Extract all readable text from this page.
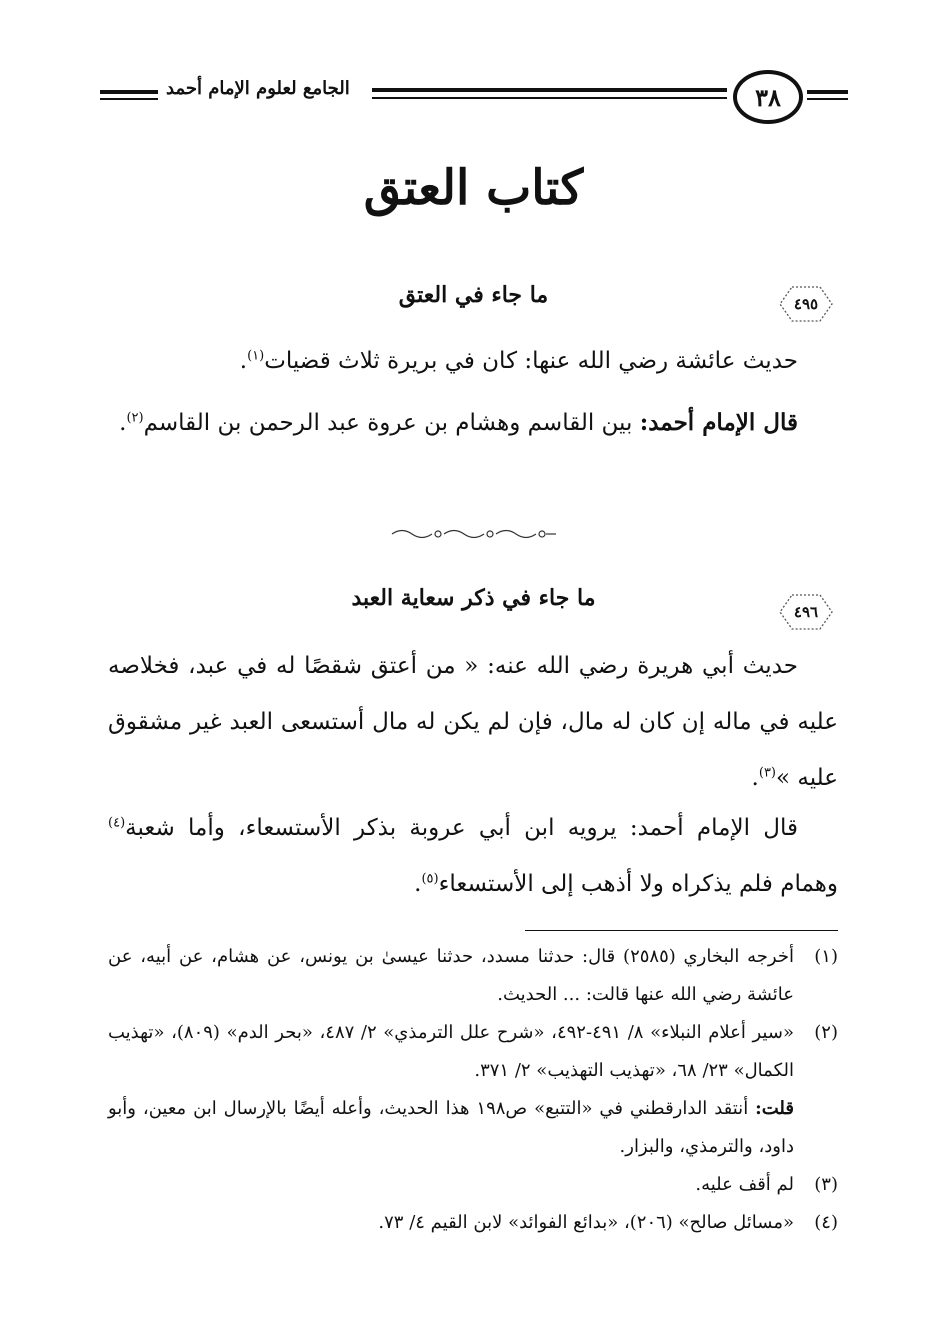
الجامع لعلوم الإمام أحمد	٣٨
كتاب العتق
٤٩٥
ما جاء في العتق
حديث عائشة رضي الله عنها: كان في بريرة ثلاث قضيات$^{(١)}$.
قال الإمام أحمد: بين القاسم وهشام بن عروة عبد الرحمن بن القاسم$^{(٢)}$.
٤٩٦
ما جاء في ذكر سعاية العبد
حديث أبي هريرة رضي الله عنه: « من أعتق شقصًا له في عبد، فخلاصه عليه في ماله إن كان له مال، فإن لم يكن له مال أستسعى العبد غير مشقوق عليه »$^{(٣)}$.
قال الإمام أحمد: يرويه ابن أبي عروبة بذكر الأستسعاء، وأما شعبة$^{(٤)}$ وهمام فلم يذكراه ولا أذهب إلى الأستسعاء$^{(٥)}$.
(١)
أخرجه البخاري (٢٥٨٥) قال: حدثنا مسدد، حدثنا عيسىٰ بن يونس، عن هشام، عن أبيه، عن عائشة رضي الله عنها قالت: ... الحديث.
(٢)
«سير أعلام النبلاء» ٨/ ٤٩١-٤٩٢، «شرح علل الترمذي» ٢/ ٤٨٧، «بحر الدم» (٨٠٩)، «تهذيب الكمال» ٢٣/ ٦٨، «تهذيب التهذيب» ٢/ ٣٧١.
قلت: أنتقد الدارقطني في «التتبع» ص١٩٨ هذا الحديث، وأعله أيضًا بالإرسال ابن معين، وأبو داود، والترمذي، والبزار.
(٣)
لم أقف عليه.
(٤)
«مسائل صالح» (٢٠٦)، «بدائع الفوائد» لابن القيم ٤/ ٧٣.
